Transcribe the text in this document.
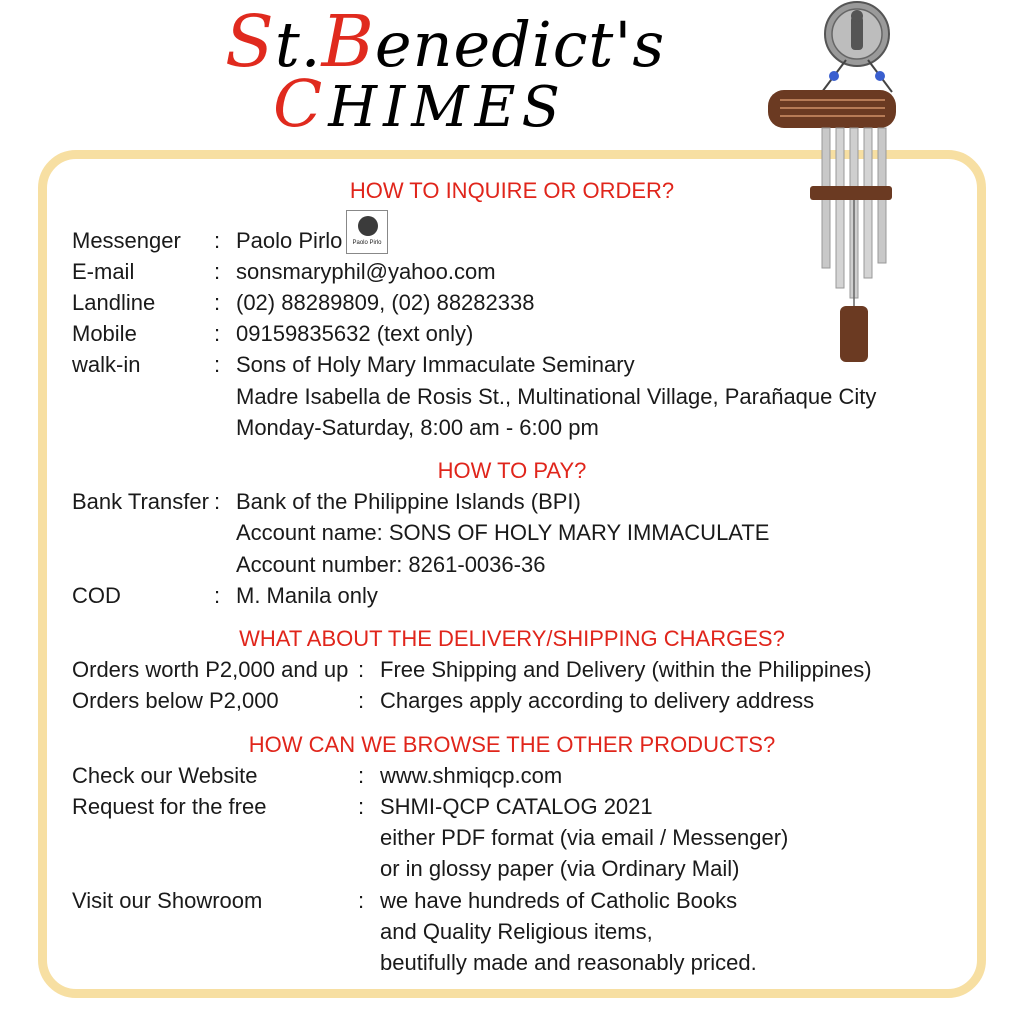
St.Benedict's
CHIMES
Paolo Pirlo
HOW TO INQUIRE OR ORDER?
Messenger : Paolo Pirlo
E-mail	: sonsmaryphil@yahoo.com
Landline	: (02) 88289809, (02) 88282338
Mobile	: 09159835632 (text only)
walk-in	: Sons of Holy Mary Immaculate Seminary
Madre Isabella de Rosis St., Multinational Village, Parañaque City
Monday-Saturday, 8:00 am - 6:00 pm
HOW TO PAY?
Bank Transfer : Bank of the Philippine Islands (BPI)
Account name: SONS OF HOLY MARY IMMACULATE
Account number: 8261-0036-36
COD	: M. Manila only
WHAT ABOUT THE DELIVERY/SHIPPING CHARGES?
Orders worth P2,000 and up : Free Shipping and Delivery (within the Philippines)
Orders below P2,000	: Charges apply according to delivery address
HOW CAN WE BROWSE THE OTHER PRODUCTS?
Check our Website	: www.shmiqcp.com
Request for the free	: SHMI-QCP CATALOG 2021
either PDF format (via email / Messenger)
or in glossy paper (via Ordinary Mail)
Visit our Showroom	: we have hundreds of Catholic Books
and Quality Religious items,
beutifully made and reasonably priced.
